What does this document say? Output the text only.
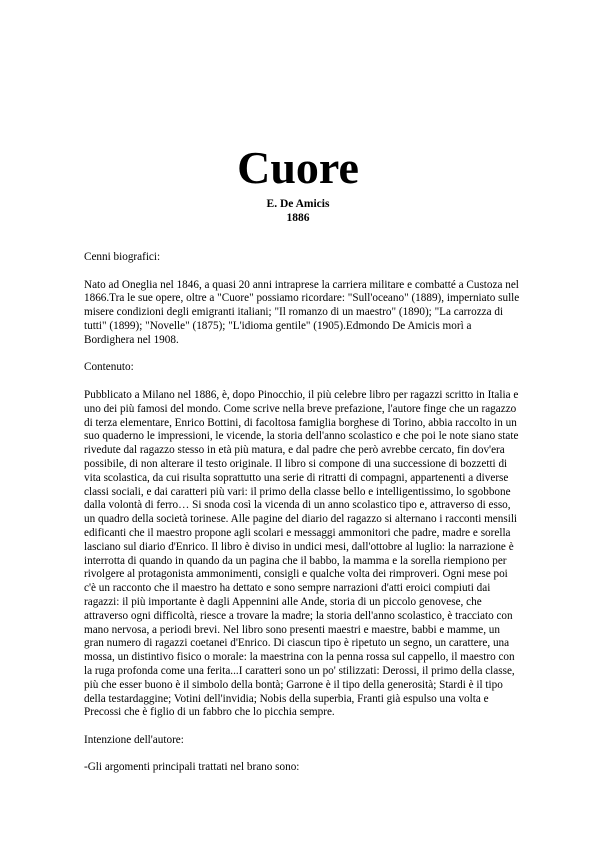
Cuore
E. De Amicis
1886

Cenni biografici:

Nato ad Oneglia nel 1846, a quasi 20 anni intraprese la carriera militare e combatté a Custoza nel 1866.Tra le sue opere, oltre a "Cuore" possiamo ricordare: "Sull'oceano" (1889), imperniato sulle misere condizioni degli emigranti italiani; "Il romanzo di un maestro" (1890); "La carrozza di tutti" (1899); "Novelle" (1875); "L'idioma gentile" (1905).Edmondo De Amicis morì a Bordighera nel 1908.

Contenuto:

Pubblicato a Milano nel 1886, è, dopo Pinocchio, il più celebre libro per ragazzi scritto in Italia e uno dei più famosi del mondo. Come scrive nella breve prefazione, l'autore finge che un ragazzo di terza elementare, Enrico Bottini, di facoltosa famiglia borghese di Torino, abbia raccolto in un suo quaderno le impressioni, le vicende, la storia dell'anno scolastico e che poi le note siano state rivedute dal ragazzo stesso in età più matura, e dal padre che però avrebbe cercato, fin dov'era possibile, di non alterare il testo originale. Il libro si compone di una successione di bozzetti di vita scolastica, da cui risulta soprattutto una serie di ritratti di compagni, appartenenti a diverse classi sociali, e dai caratteri più vari: il primo della classe bello e intelligentissimo, lo sgobbone dalla volontà di ferro… Si snoda così la vicenda di un anno scolastico tipo e, attraverso di esso, un quadro della società torinese. Alle pagine del diario del ragazzo si alternano i racconti mensili edificanti che il maestro propone agli scolari e messaggi ammonitori che padre, madre e sorella lasciano sul diario d'Enrico. Il libro è diviso in undici mesi, dall'ottobre al luglio: la narrazione è interrotta di quando in quando da un pagina che il babbo, la mamma e la sorella riempiono per rivolgere al protagonista ammonimenti, consigli e qualche volta dei rimproveri. Ogni mese poi c'è un racconto che il maestro ha dettato e sono sempre narrazioni d'atti eroici compiuti dai ragazzi: il più importante è dagli Appennini alle Ande, storia di un piccolo genovese, che attraverso ogni difficoltà, riesce a trovare la madre; la storia dell'anno scolastico, è tracciato con mano nervosa, a periodi brevi. Nel libro sono presenti maestri e maestre, babbi e mamme, un gran numero di ragazzi coetanei d'Enrico. Di ciascun tipo è ripetuto un segno, un carattere, una mossa, un distintivo fisico o morale: la maestrina con la penna rossa sul cappello, il maestro con la ruga profonda come una ferita...I caratteri sono un po' stilizzati: Derossi, il primo della classe, più che esser buono è il simbolo della bontà; Garrone è il tipo della generosità; Stardi è il tipo della testardaggine; Votini dell'invidia; Nobis della superbia, Franti già espulso una volta e Precossi che è figlio di un fabbro che lo picchia sempre.

Intenzione dell'autore:

-Gli argomenti principali trattati nel brano sono:
